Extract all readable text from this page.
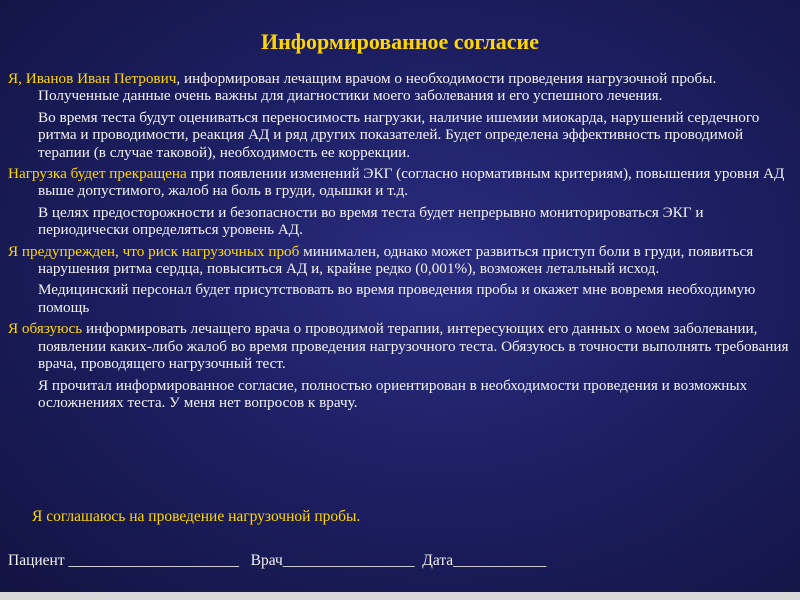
Информированное согласие

Я, Иванов Иван Петрович, информирован лечащим врачом о необходимости проведения нагрузочной пробы. Полученные данные очень важны для диагностики моего заболевания и его успешного лечения.

Во время теста будут оцениваться переносимость нагрузки, наличие ишемии миокарда, нарушений сердечного ритма и проводимости, реакция АД и ряд других показателей. Будет определена эффективность проводимой терапии (в случае таковой), необходимость ее коррекции.

Нагрузка будет прекращена при появлении изменений ЭКГ (согласно нормативным критериям), повышения уровня АД выше допустимого, жалоб на боль в груди, одышки и т.д.

В целях предосторожности и безопасности во время теста будет непрерывно мониторироваться ЭКГ и периодически определяться уровень АД.

Я предупрежден, что риск нагрузочных проб минимален, однако может развиться приступ боли в груди, появиться нарушения ритма сердца, повыситься АД и, крайне редко (0,001%), возможен летальный исход.

Медицинский персонал будет присутствовать во время проведения пробы и окажет мне вовремя необходимую помощь

Я обязуюсь информировать лечащего врача о проводимой терапии, интересующих его данных о моем заболевании, появлении каких-либо жалоб во время проведения нагрузочного теста. Обязуюсь в точности выполнять требования врача, проводящего нагрузочный тест.

Я прочитал информированное согласие, полностью ориентирован в необходимости проведения и возможных осложнениях теста. У меня нет вопросов к врачу.

Я соглашаюсь на проведение нагрузочной пробы.
Пациент ______________________ Врач_________________ Дата____________
